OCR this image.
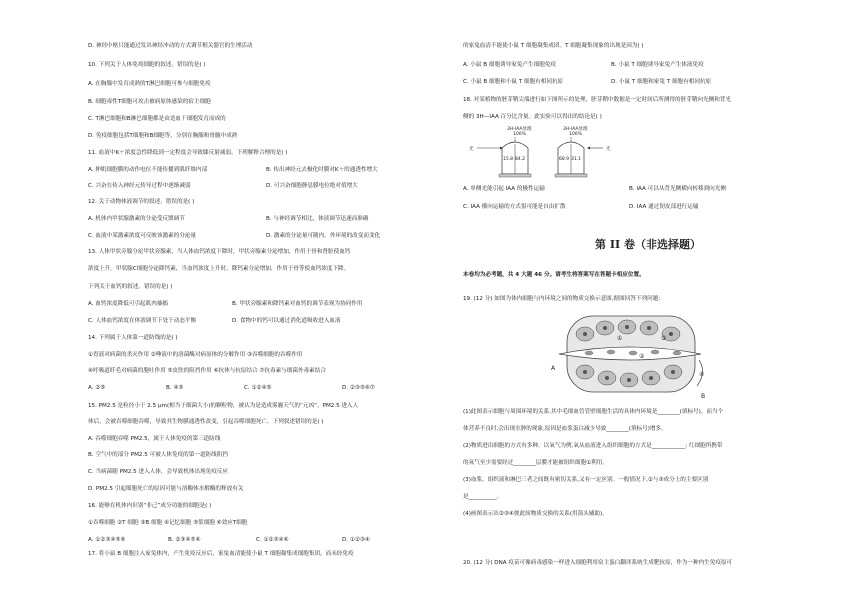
D. 神经中枢只能通过发出神经冲动的方式调节相关器官的生理活动
10. 下列关于人体免疫细胞的叙述，错误的是( )
A. 在胸腺中发育成熟的T淋巴细胞可参与细胞免疫
B. 细胞毒性T细胞可攻击被病原体感染的宿主细胞
C. T淋巴细胞和B淋巴细胞都是由造血干细胞发育而成的
D. 免疫细胞包括T细胞和B细胞等，分别在胸腺和骨髓中成熟
11. 血液中K＋浓度急性降低到一定程度会导致膝反射减弱。下列解释合理的是( )
12. 关于动物体液调节的叙述，错误的是( )
13. 人体甲状旁腺分泌甲状旁腺素，当人体血钙浓度下降时，甲状旁腺素分泌增加，作用于骨和肾脏使血钙
浓度上升。甲状腺C细胞分泌降钙素，当血钙浓度上升时，降钙素分泌增加，作用于骨等使血钙浓度下降。
下列关于血钙的叙述，错误的是( )
14. 下列属于人体第一道防线的是( )
①胃液对病菌的杀灭作用 ②唾液中的溶菌酶对病原体的分解作用 ③吞噬细胞的吞噬作用
④呼吸道纤毛对病菌的胞吐作用 ⑤皮肤的阻挡作用 ⑥抗体与抗原结合 ⑦抗毒素与细菌外毒素结合
15. PM2.5 是粒径小于 2.5 μm(相当于细菌大小)的颗粒物，被认为是造成雾霾天气的“元凶”。PM2.5 进入人
体后，会被吞噬细胞吞噬，导致其生物膜通透性改变，引起吞噬细胞死亡。下列叙述错误的是( )
A. 吞噬细胞吞噬 PM2.5，属于人体免疫的第三道防线
B. 空气中的部分 PM2.5 可被人体免疫的第一道防线阻挡
C. 当病菌随 PM2.5 进入人体，会导致机体出现免疫反应
D. PM2.5 引起细胞死亡的原因可能与溶酶体水解酶的释放有关
16. 能够在机体内识别“非己”成分功能的细胞是( )
①吞噬细胞 ②T 细胞 ③B 细胞 ④记忆细胞 ⑤浆细胞 ⑥效应T细胞
17. 将小鼠 B 细胞注入家兔体内，产生免疫反应后，家兔血清能使小鼠 T 细胞凝集成细胞集团，而未经免疫
A. 伸肌细胞膜的动作电位不能传播到肌纤维内部	B. 传出神经元去极化时膜对K＋的通透性增大
C. 兴奋在传入神经元传导过程中逐渐减弱	D. 可兴奋细胞静息膜电位绝对值增大
A. 机体内甲状腺激素的分泌受反馈调节	B. 与神经调节相比，体液调节迅速而准确
C. 血液中某激素浓度可反映该激素的分泌量	D. 激素的分泌量可随内、外环境的改变而变化
A. 血钙浓度降低可引起肌肉抽搐	B. 甲状旁腺素和降钙素对血钙的调节表现为协同作用
C. 人体血钙浓度在体液调节下处于动态平衡	D. 食物中的钙可以通过消化道吸收进入血液
A. ②⑤	B. ④⑤	C. ①②④⑤	D. ②③⑤⑥⑦
A. ①②③④⑤⑥	B. ②③④⑤⑥	C. ①②③④⑥	D. ①②③④
第 II 卷（非选择题）
3H-IAA处理
100%
3H-IAA处理
100%
光	光
15.8 84.2	68.9 31.1
A
B
①
②
③
④
的家兔血清不能使小鼠 T 细胞凝集成团。T 细胞凝集现象的出现是因为( )
18. 对某植物的胚芽鞘尖端进行如下图所示的处理，胚芽鞘中数据是一定时间后所测得的胚芽鞘向光侧和背光
侧的 3H—IAA 百分比含量。此实验可以得出的结论是( )
本卷均为必考题，共 4 大题 46 分。请考生将答案写在答题卡相应位置。
19. (12 分) 如图为体内细胞与内环境之间的物质交换示意图,据图回答下列问题:
(1)此图表示细胞与周围环境的关系,其中毛细血管管壁细胞生活的具体内环境是________(填标号)。而当个
体营养不良时,会出现水肿的现象,原因是血浆蛋白减少导致________(填标号)增多。
(2)物质进出细胞的方式有多种。以氧气为例,氧从血液进入组织细胞的方式是____________; 红细胞所携带
的氧气至少需要经过________层膜才能被组织细胞①利用。
(3)血浆、组织液和淋巴三者之间既有密切关系,又有一定区别。一般情况下,②与③成分上的主要区别
是__________。
(4)画图表示出②③④彼此间物质交换的关系(用箭头辅助)。
20. (12 分) DNA 疫苗可像病毒感染一样进入细胞利用宿主蛋白翻译系统生成靶抗原，作为一种内生免疫原可
A. 小鼠 B 细胞诱导家兔产生细胞免疫	B. 小鼠 T 细胞诱导家兔产生体液免疫
C. 小鼠 B 细胞和小鼠 T 细胞有相同抗原	D. 小鼠 T 细胞和家兔 T 细胞有相同抗原
A. 单侧光能引起 IAA 的极性运输	B. IAA 可以从背光侧横向转移到向光侧
C. IAA 横向运输的方式很可能是自由扩散	D. IAA 通过韧皮部进行运输
